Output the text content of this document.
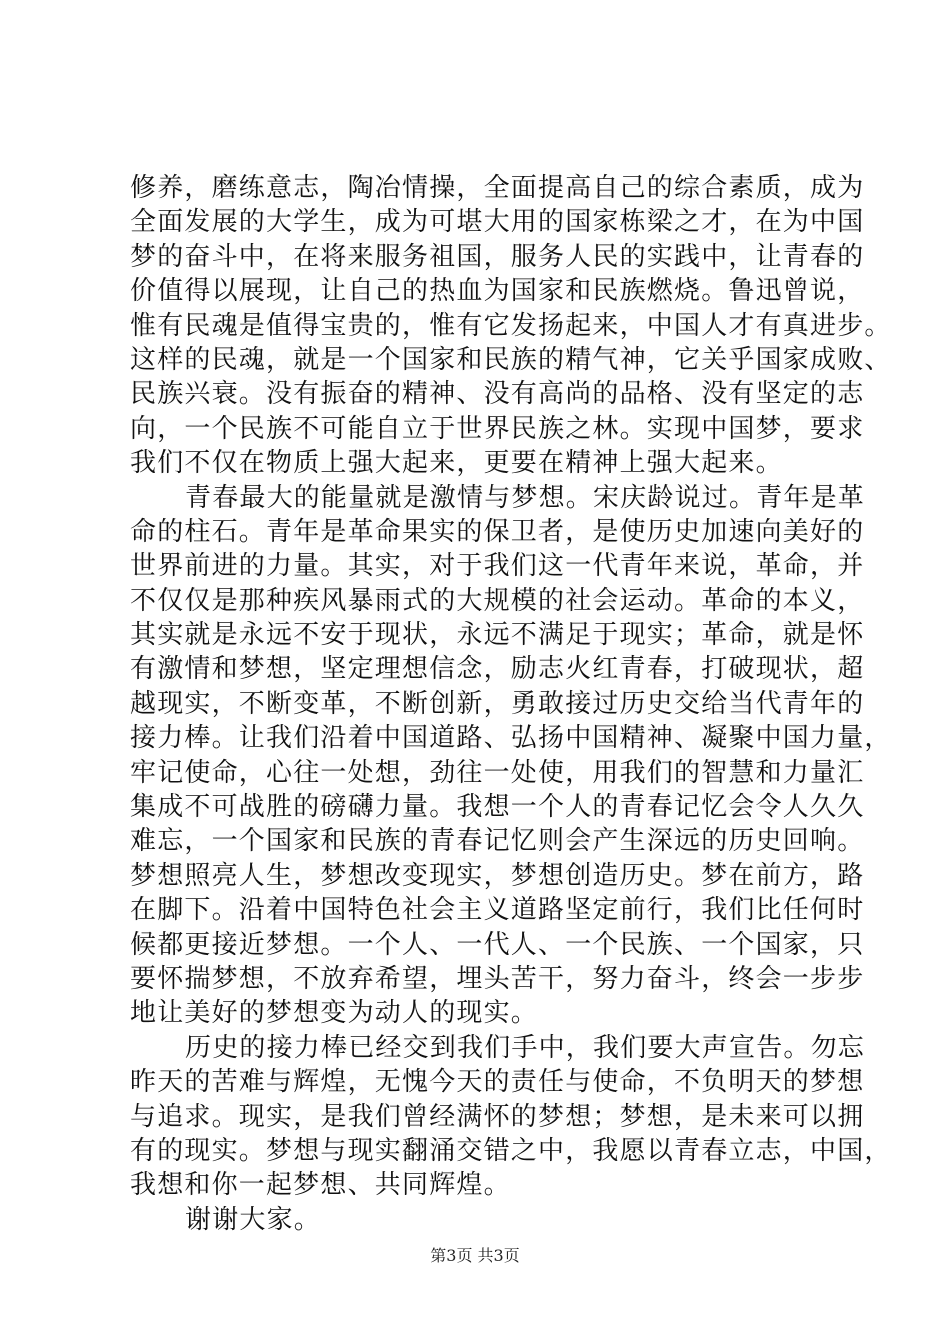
修养，磨练意志，陶冶情操，全面提高自己的综合素质，成为
全面发展的大学生，成为可堪大用的国家栋梁之才，在为中国
梦的奋斗中，在将来服务祖国，服务人民的实践中，让青春的
价值得以展现，让自己的热血为国家和民族燃烧。鲁迅曾说，
惟有民魂是值得宝贵的，惟有它发扬起来，中国人才有真进步。
这样的民魂，就是一个国家和民族的精气神，它关乎国家成败、
民族兴衰。没有振奋的精神、没有高尚的品格、没有坚定的志
向，一个民族不可能自立于世界民族之林。实现中国梦，要求
我们不仅在物质上强大起来，更要在精神上强大起来。
青春最大的能量就是激情与梦想。宋庆龄说过。青年是革
命的柱石。青年是革命果实的保卫者，是使历史加速向美好的
世界前进的力量。其实，对于我们这一代青年来说，革命，并
不仅仅是那种疾风暴雨式的大规模的社会运动。革命的本义，
其实就是永远不安于现状，永远不满足于现实；革命，就是怀
有激情和梦想，坚定理想信念，励志火红青春，打破现状，超
越现实，不断变革，不断创新，勇敢接过历史交给当代青年的
接力棒。让我们沿着中国道路、弘扬中国精神、凝聚中国力量，
牢记使命，心往一处想，劲往一处使，用我们的智慧和力量汇
集成不可战胜的磅礴力量。我想一个人的青春记忆会令人久久
难忘，一个国家和民族的青春记忆则会产生深远的历史回响。
梦想照亮人生，梦想改变现实，梦想创造历史。梦在前方，路
在脚下。沿着中国特色社会主义道路坚定前行，我们比任何时
候都更接近梦想。一个人、一代人、一个民族、一个国家，只
要怀揣梦想，不放弃希望，埋头苦干，努力奋斗，终会一步步
地让美好的梦想变为动人的现实。
历史的接力棒已经交到我们手中，我们要大声宣告。勿忘
昨天的苦难与辉煌，无愧今天的责任与使命，不负明天的梦想
与追求。现实，是我们曾经满怀的梦想；梦想，是未来可以拥
有的现实。梦想与现实翻涌交错之中，我愿以青春立志，中国，
我想和你一起梦想、共同辉煌。
谢谢大家。
第3页 共3页
